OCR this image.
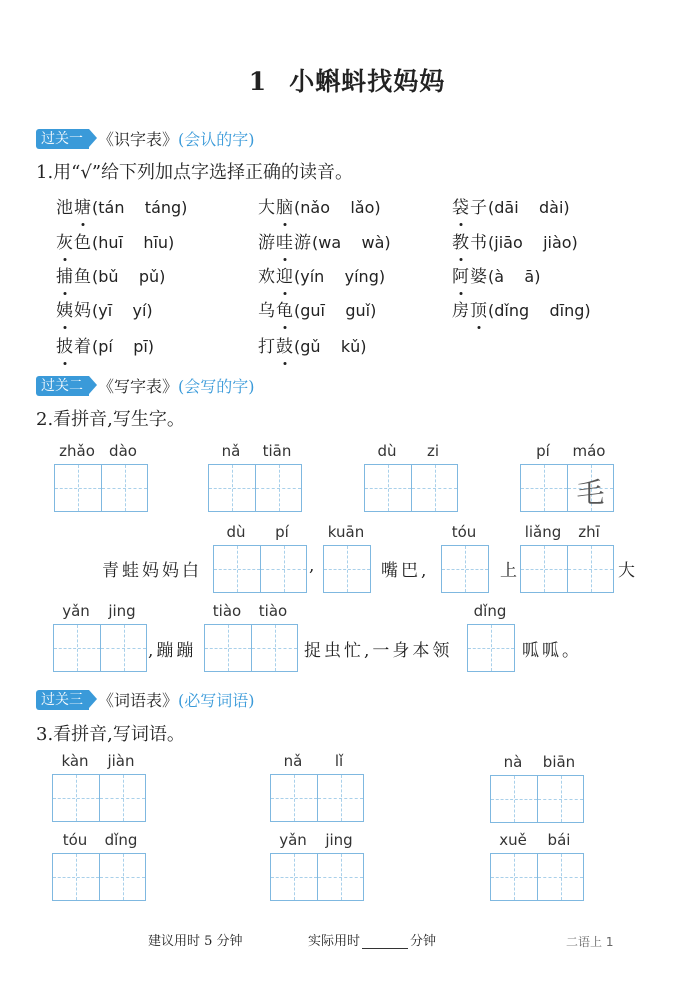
1 小蝌蚪找妈妈
过关一 《识字表》 (会认的字)
1.用“√”给下列加点字选择正确的读音。
池塘(tán    táng)
灰色(huī    hīu)
捕鱼(bǔ    pǔ)
姨妈(yī    yí)
披着(pí    pī)
大脑(nǎo    lǎo)
游哇游(wa    wà)
欢迎(yín    yíng)
乌龟(guī    guǐ)
打鼓(gǔ    kǔ)
袋子(dāi    dài)
教书(jiāo    jiào)
阿婆(à    ā)
房顶(dǐng    dīng)
过关二 《写字表》 (会写的字)
2.看拼音,写生字。
zhǎo dào	nǎ	tiān	dù	zi	pí	máo
毛
青蛙妈妈白
dù	pí
,
kuān
嘴巴,
tóu
上
liǎng	zhī
大
yǎn	jing
,蹦蹦
tiào	tiào
捉虫忙,一身本领
dǐng
呱呱。
过关三 《词语表》 (必写词语)
3.看拼音,写词语。
kàn	jiàn	nǎ	lǐ	nà	biān
tóu	dǐng	yǎn	jing	xuě	bái
建议用时 5 分钟	实际用时	分钟	二语上 1
